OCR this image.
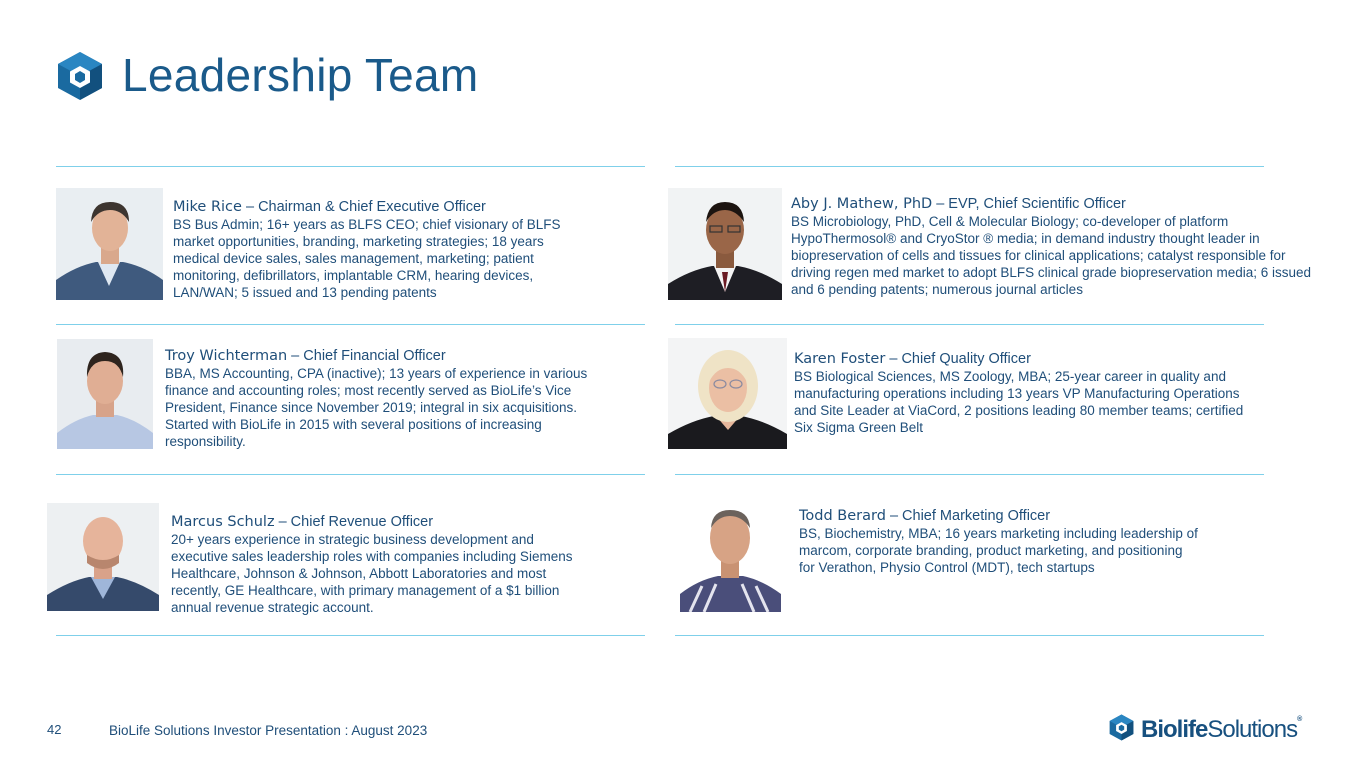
Leadership Team
Mike Rice – Chairman & Chief Executive Officer
BS Bus Admin; 16+ years as BLFS CEO; chief visionary of BLFS market opportunities, branding, marketing strategies; 18 years medical device sales, sales management, marketing; patient monitoring, defibrillators, implantable CRM, hearing devices, LAN/WAN; 5 issued and 13 pending patents
Aby J. Mathew, PhD – EVP, Chief Scientific Officer
BS Microbiology, PhD, Cell & Molecular Biology; co-developer of platform HypoThermosol® and CryoStor ® media; in demand industry thought leader in biopreservation of cells and tissues for clinical applications; catalyst responsible for driving regen med market to adopt BLFS clinical grade biopreservation media; 6 issued and 6 pending patents; numerous journal articles
Troy Wichterman – Chief Financial Officer
BBA, MS Accounting, CPA (inactive); 13 years of experience in various finance and accounting roles; most recently served as BioLife’s Vice President, Finance since November 2019; integral in six acquisitions. Started with BioLife in 2015 with several positions of increasing responsibility.
Karen Foster – Chief Quality Officer
BS Biological Sciences, MS Zoology, MBA; 25-year career in quality and manufacturing operations including 13 years VP Manufacturing Operations and Site Leader at ViaCord, 2 positions leading 80 member teams; certified Six Sigma Green Belt
Marcus Schulz – Chief Revenue Officer
20+ years experience in strategic business development and executive sales leadership roles with companies including Siemens Healthcare, Johnson & Johnson, Abbott Laboratories and most recently, GE Healthcare, with primary management of a $1 billion annual revenue strategic account.
Todd Berard – Chief Marketing Officer
BS, Biochemistry, MBA; 16 years marketing including leadership of marcom, corporate branding, product marketing, and positioning for Verathon, Physio Control (MDT), tech startups
42	BioLife Solutions Investor Presentation : August 2023	BiolifeSolutions®
